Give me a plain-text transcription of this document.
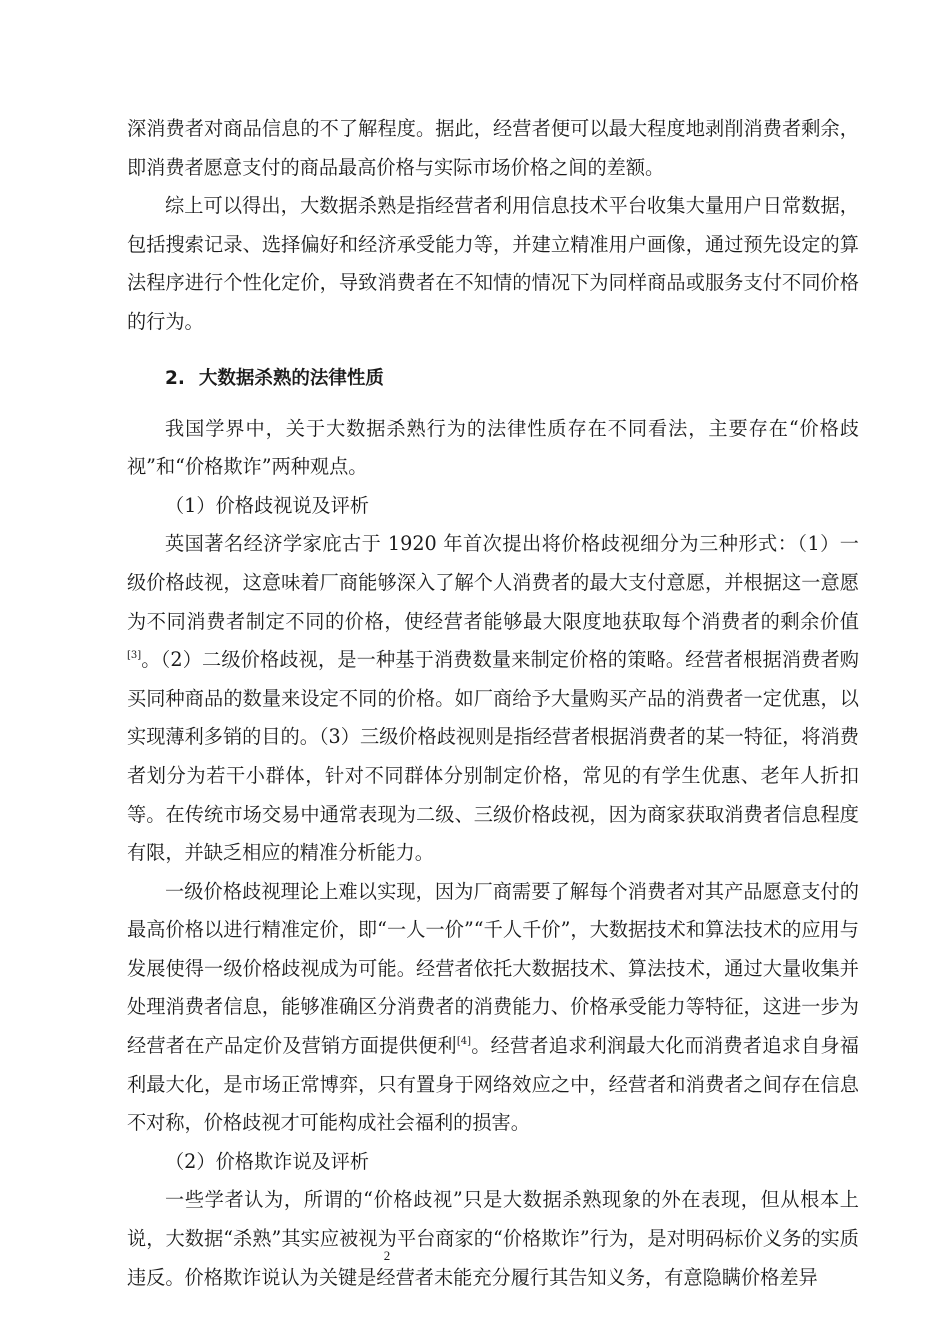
深消费者对商品信息的不了解程度。据此，经营者便可以最大程度地剥削消费者剩余，即消费者愿意支付的商品最高价格与实际市场价格之间的差额。

综上可以得出，大数据杀熟是指经营者利用信息技术平台收集大量用户日常数据，包括搜索记录、选择偏好和经济承受能力等，并建立精准用户画像，通过预先设定的算法程序进行个性化定价，导致消费者在不知情的情况下为同样商品或服务支付不同价格的行为。

2. 大数据杀熟的法律性质

我国学界中，关于大数据杀熟行为的法律性质存在不同看法，主要存在“价格歧视”和“价格欺诈”两种观点。

（1）价格歧视说及评析

英国著名经济学家庇古于 1920 年首次提出将价格歧视细分为三种形式：（1）一级价格歧视，这意味着厂商能够深入了解个人消费者的最大支付意愿，并根据这一意愿为不同消费者制定不同的价格，使经营者能够最大限度地获取每个消费者的剩余价值[3]。（2）二级价格歧视，是一种基于消费数量来制定价格的策略。经营者根据消费者购买同种商品的数量来设定不同的价格。如厂商给予大量购买产品的消费者一定优惠，以实现薄利多销的目的。（3）三级价格歧视则是指经营者根据消费者的某一特征，将消费者划分为若干小群体，针对不同群体分别制定价格，常见的有学生优惠、老年人折扣等。在传统市场交易中通常表现为二级、三级价格歧视，因为商家获取消费者信息程度有限，并缺乏相应的精准分析能力。

一级价格歧视理论上难以实现，因为厂商需要了解每个消费者对其产品愿意支付的最高价格以进行精准定价，即“一人一价”“千人千价”，大数据技术和算法技术的应用与发展使得一级价格歧视成为可能。经营者依托大数据技术、算法技术，通过大量收集并处理消费者信息，能够准确区分消费者的消费能力、价格承受能力等特征，这进一步为经营者在产品定价及营销方面提供便利[4]。经营者追求利润最大化而消费者追求自身福利最大化，是市场正常博弈，只有置身于网络效应之中，经营者和消费者之间存在信息不对称，价格歧视才可能构成社会福利的损害。

（2）价格欺诈说及评析

一些学者认为，所谓的“价格歧视”只是大数据杀熟现象的外在表现，但从根本上说，大数据“杀熟”其实应被视为平台商家的“价格欺诈”行为，是对明码标价义务的实质违反。价格欺诈说认为关键是经营者未能充分履行其告知义务，有意隐瞒价格差异

2
